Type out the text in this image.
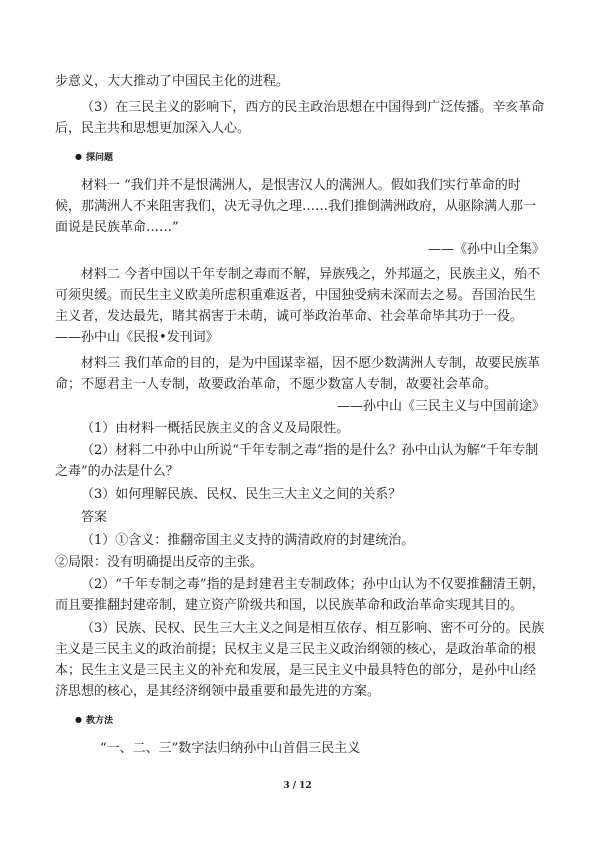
步意义，大大推动了中国民主化的进程。

（3）在三民主义的影响下，西方的民主政治思想在中国得到广泛传播。辛亥革命后，民主共和思想更加深入人心。

● 探问题

材料一 “我们并不是恨满洲人，是恨害汉人的满洲人。假如我们实行革命的时候，那满洲人不来阻害我们，决无寻仇之理……我们推倒满洲政府，从驱除满人那一面说是民族革命……”

——《孙中山全集》

材料二 今者中国以千年专制之毒而不解，异族残之，外邦逼之，民族主义，殆不可须臾缓。而民生主义欧美所虑积重难返者，中国独受病未深而去之易。吾国治民生主义者，发达最先，睹其祸害于未萌，诚可举政治革命、社会革命毕其功于一役。——孙中山《民报•发刊词》

材料三 我们革命的目的，是为中国谋幸福，因不愿少数满洲人专制，故要民族革命；不愿君主一人专制，故要政治革命，不愿少数富人专制，故要社会革命。

——孙中山《三民主义与中国前途》

（1）由材料一概括民族主义的含义及局限性。

（2）材料二中孙中山所说“千年专制之毒”指的是什么？孙中山认为解“千年专制之毒”的办法是什么？

（3）如何理解民族、民权、民生三大主义之间的关系？

答案

（1）①含义：推翻帝国主义支持的满清政府的封建统治。

②局限：没有明确提出反帝的主张。

（2）“千年专制之毒”指的是封建君主专制政体；孙中山认为不仅要推翻清王朝，而且要推翻封建帝制，建立资产阶级共和国，以民族革命和政治革命实现其目的。

（3）民族、民权、民生三大主义之间是相互依存、相互影响、密不可分的。民族主义是三民主义的政治前提；民权主义是三民主义政治纲领的核心，是政治革命的根本；民生主义是三民主义的补充和发展，是三民主义中最具特色的部分，是孙中山经济思想的核心，是其经济纲领中最重要和最先进的方案。

● 教方法

“一、二、三”数字法归纳孙中山首倡三民主义

3 / 12
